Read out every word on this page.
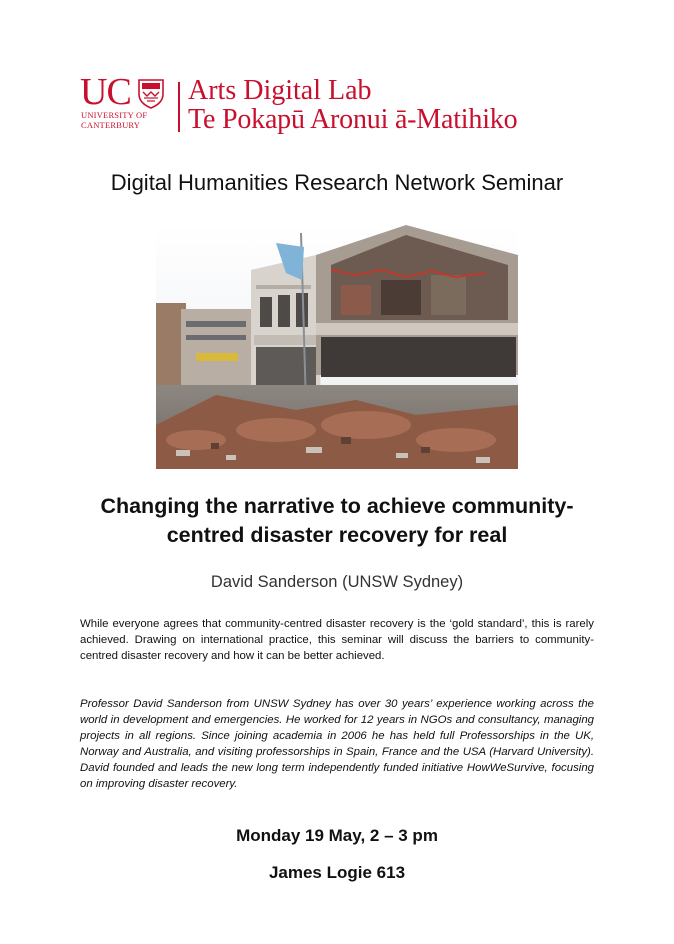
UC
UNIVERSITY OF
CANTERBURY
Arts Digital Lab
Te Pokapū Aronui ā-Matihiko
Digital Humanities Research Network Seminar
Changing the narrative to achieve community-
centred disaster recovery for real
David Sanderson (UNSW Sydney)
While everyone agrees that community-centred disaster recovery is the ‘gold standard’, this is rarely achieved. Drawing on international practice, this seminar will discuss the barriers to community-centred disaster recovery and how it can be better achieved.
Professor David Sanderson from UNSW Sydney has over 30 years’ experience working across the world in development and emergencies. He worked for 12 years in NGOs and consultancy, managing projects in all regions. Since joining academia in 2006 he has held full Professorships in the UK, Norway and Australia, and visiting professorships in Spain, France and the USA (Harvard University). David founded and leads the new long term independently funded initiative HowWeSurvive, focusing on improving disaster recovery.
Monday 19 May, 2 – 3 pm
James Logie 613
